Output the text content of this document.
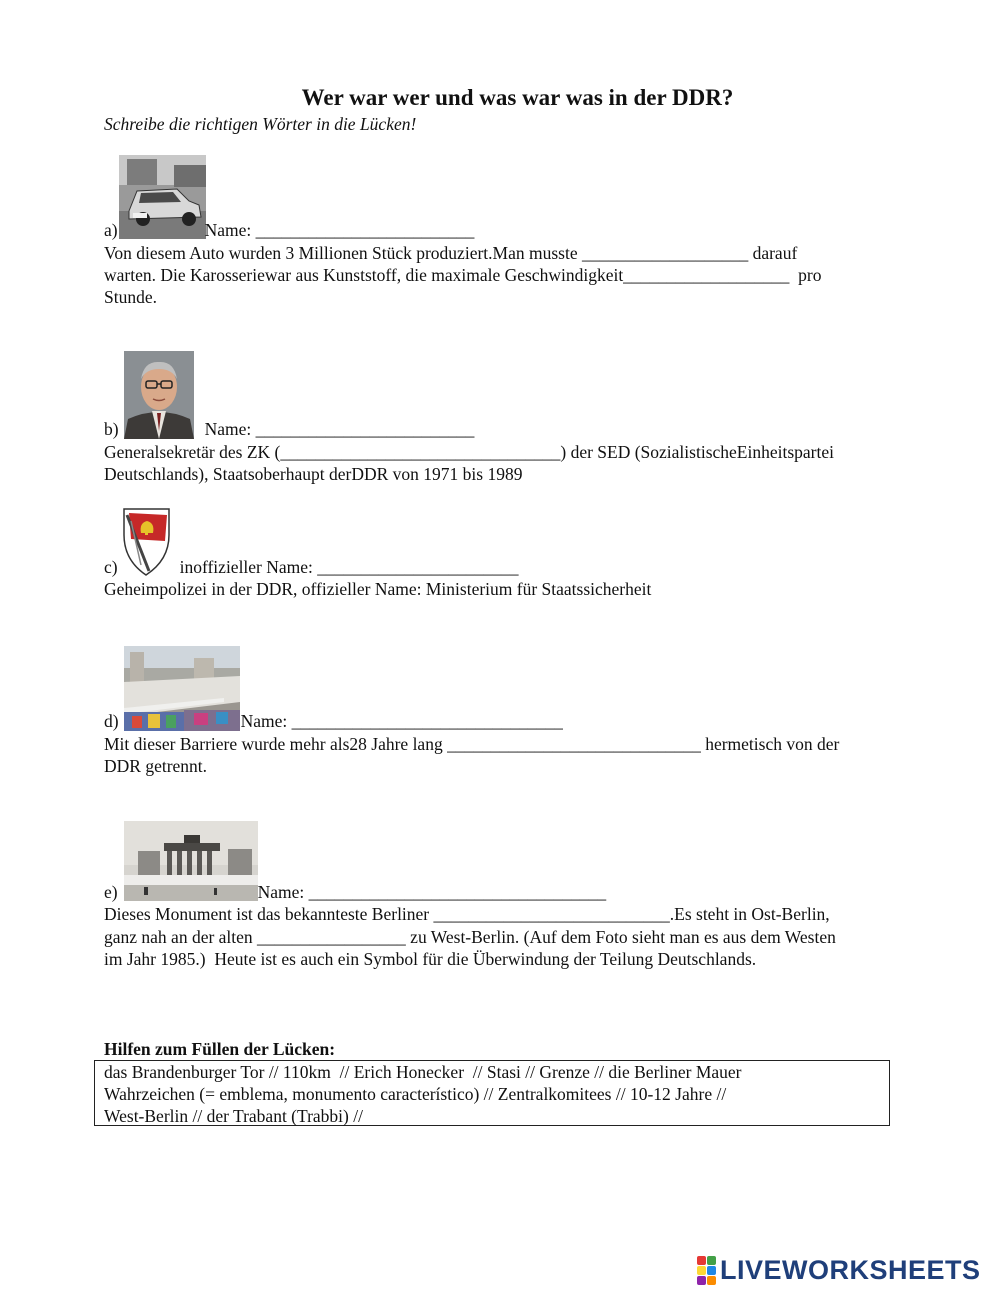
Wer war wer und was war was in der DDR?
Schreibe die richtigen Wörter in die Lücken!
a)	Name: _________________________
Von diesem Auto wurden 3 Millionen Stück produziert.Man musste ___________________ darauf
warten. Die Karosseriewar aus Kunststoff, die maximale Geschwindigkeit___________________  pro
Stunde.
b)	Name: _________________________
Generalsekretär des ZK (________________________________) der SED (SozialistischeEinheitspartei
Deutschlands), Staatsoberhaupt derDDR von 1971 bis 1989
c)	inoffizieller Name: _______________________
Geheimpolizei in der DDR, offizieller Name: Ministerium für Staatssicherheit
d)	Name: _______________________________
Mit dieser Barriere wurde mehr als28 Jahre lang _____________________________ hermetisch von der
DDR getrennt.
e)	Name: __________________________________
Dieses Monument ist das bekannteste Berliner ___________________________.Es steht in Ost-Berlin,
ganz nah an der alten _________________ zu West-Berlin. (Auf dem Foto sieht man es aus dem Westen
im Jahr 1985.)  Heute ist es auch ein Symbol für die Überwindung der Teilung Deutschlands.
Hilfen zum Füllen der Lücken:
das Brandenburger Tor // 110km  // Erich Honecker  // Stasi // Grenze // die Berliner Mauer
Wahrzeichen (= emblema, monumento característico) // Zentralkomitees // 10-12 Jahre //
West-Berlin // der Trabant (Trabbi) //
LIVEWORKSHEETS
